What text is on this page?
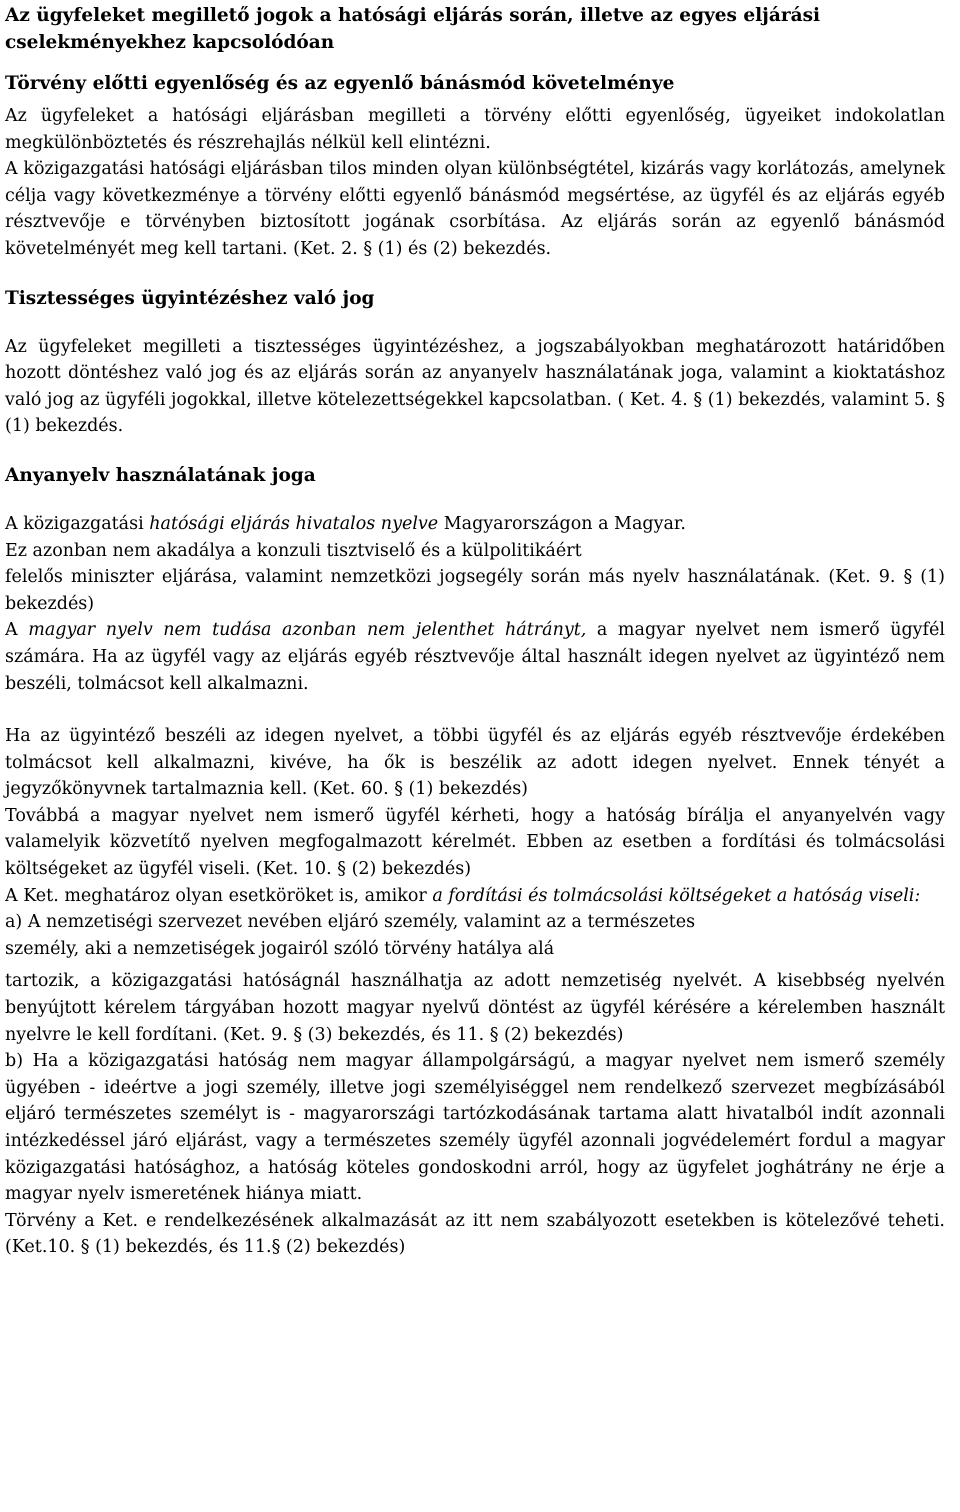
Az ügyfeleket megillető jogok a hatósági eljárás során, illetve az egyes eljárási cselekményekhez kapcsolódóan
Törvény előtti egyenlőség és az egyenlő bánásmód követelménye

Az ügyfeleket a hatósági eljárásban megilleti a törvény előtti egyenlőség, ügyeiket indokolatlan megkülönböztetés és részrehajlás nélkül kell elintézni.

A közigazgatási hatósági eljárásban tilos minden olyan különbségtétel, kizárás vagy korlátozás, amelynek célja vagy következménye a törvény előtti egyenlő bánásmód megsértése, az ügyfél és az eljárás egyéb résztvevője e törvényben biztosított jogának csorbítása. Az eljárás során az egyenlő bánásmód követelményét meg kell tartani. (Ket. 2. § (1) és (2) bekezdés.

Tisztességes ügyintézéshez való jog

Az ügyfeleket megilleti a tisztességes ügyintézéshez, a jogszabályokban meghatározott határidőben hozott döntéshez való jog és az eljárás során az anyanyelv használatának joga, valamint a kioktatáshoz való jog az ügyféli jogokkal, illetve kötelezettségekkel kapcsolatban. ( Ket. 4. § (1) bekezdés, valamint 5. § (1) bekezdés.

Anyanyelv használatának joga

A közigazgatási hatósági eljárás hivatalos nyelve Magyarországon a Magyar.

Ez azonban nem akadálya a konzuli tisztviselő és a külpolitikáért

felelős miniszter eljárása, valamint nemzetközi jogsegély során más nyelv használatának. (Ket. 9. § (1) bekezdés)

A magyar nyelv nem tudása azonban nem jelenthet hátrányt, a magyar nyelvet nem ismerő ügyfél számára. Ha az ügyfél vagy az eljárás egyéb résztvevője által használt idegen nyelvet az ügyintéző nem beszéli, tolmácsot kell alkalmazni.

Ha az ügyintéző beszéli az idegen nyelvet, a többi ügyfél és az eljárás egyéb résztvevője érdekében tolmácsot kell alkalmazni, kivéve, ha ők is beszélik az adott idegen nyelvet. Ennek tényét a jegyzőkönyvnek tartalmaznia kell. (Ket. 60. § (1) bekezdés)

Továbbá a magyar nyelvet nem ismerő ügyfél kérheti, hogy a hatóság bírálja el anyanyelvén vagy valamelyik közvetítő nyelven megfogalmazott kérelmét. Ebben az esetben a fordítási és tolmácsolási költségeket az ügyfél viseli. (Ket. 10. § (2) bekezdés)

A Ket. meghatároz olyan esetköröket is, amikor a fordítási és tolmácsolási költségeket a hatóság viseli:

a) A nemzetiségi szervezet nevében eljáró személy, valamint az a természetes

személy, aki a nemzetiségek jogairól szóló törvény hatálya alá

tartozik, a közigazgatási hatóságnál használhatja az adott nemzetiség nyelvét. A kisebbség nyelvén benyújtott kérelem tárgyában hozott magyar nyelvű döntést az ügyfél kérésére a kérelemben használt nyelvre le kell fordítani. (Ket. 9. § (3) bekezdés, és 11. § (2) bekezdés)

b) Ha a közigazgatási hatóság nem magyar állampolgárságú, a magyar nyelvet nem ismerő személy ügyében - ideértve a jogi személy, illetve jogi személyiséggel nem rendelkező szervezet megbízásából eljáró természetes személyt is - magyarországi tartózkodásának tartama alatt hivatalból indít azonnali intézkedéssel járó eljárást, vagy a természetes személy ügyfél azonnali jogvédelemért fordul a magyar közigazgatási hatósághoz, a hatóság köteles gondoskodni arról, hogy az ügyfelet joghátrány ne érje a magyar nyelv ismeretének hiánya miatt.

Törvény a Ket. e rendelkezésének alkalmazását az itt nem szabályozott esetekben is kötelezővé teheti. (Ket.10. § (1) bekezdés, és 11.§ (2) bekezdés)
